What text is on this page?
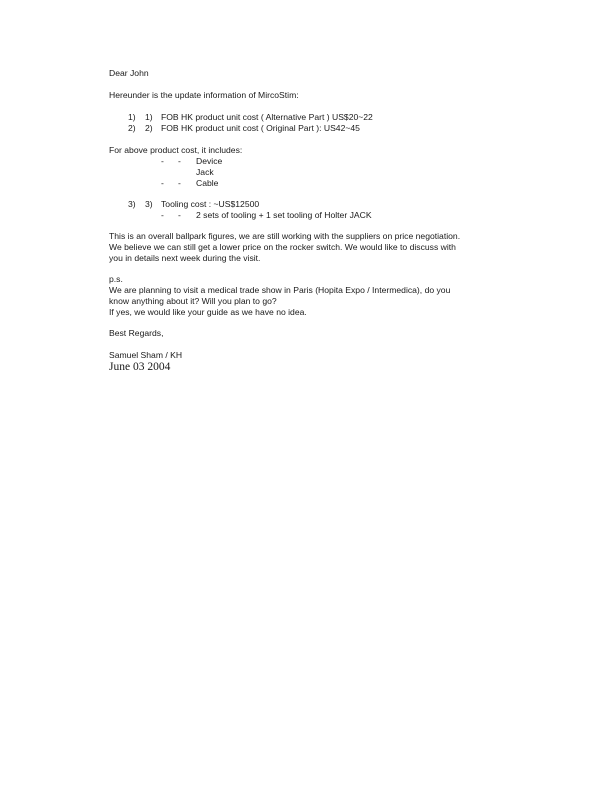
Dear John
Hereunder is the update information of MircoStim:
1) 1) FOB HK product unit cost ( Alternative Part ) US$20~22
2) 2) FOB HK product unit cost ( Original Part ): US42~45
For above product cost, it includes:
- - Device
Jack
- - Cable
3) 3) Tooling cost : ~US$12500
- - 2 sets of tooling + 1 set tooling of Holter JACK
This is an overall ballpark figures, we are still working with the suppliers on price negotiation.
We believe we can still get a lower price on the rocker switch. We would like to discuss with
you in details next week during the visit.
p.s.
We are planning to visit a medical trade show in Paris (Hopita Expo / Intermedica), do you
know anything about it? Will you plan to go?
If yes, we would like your guide as we have no idea.
Best Regards,
Samuel Sham / KH
June 03 2004
